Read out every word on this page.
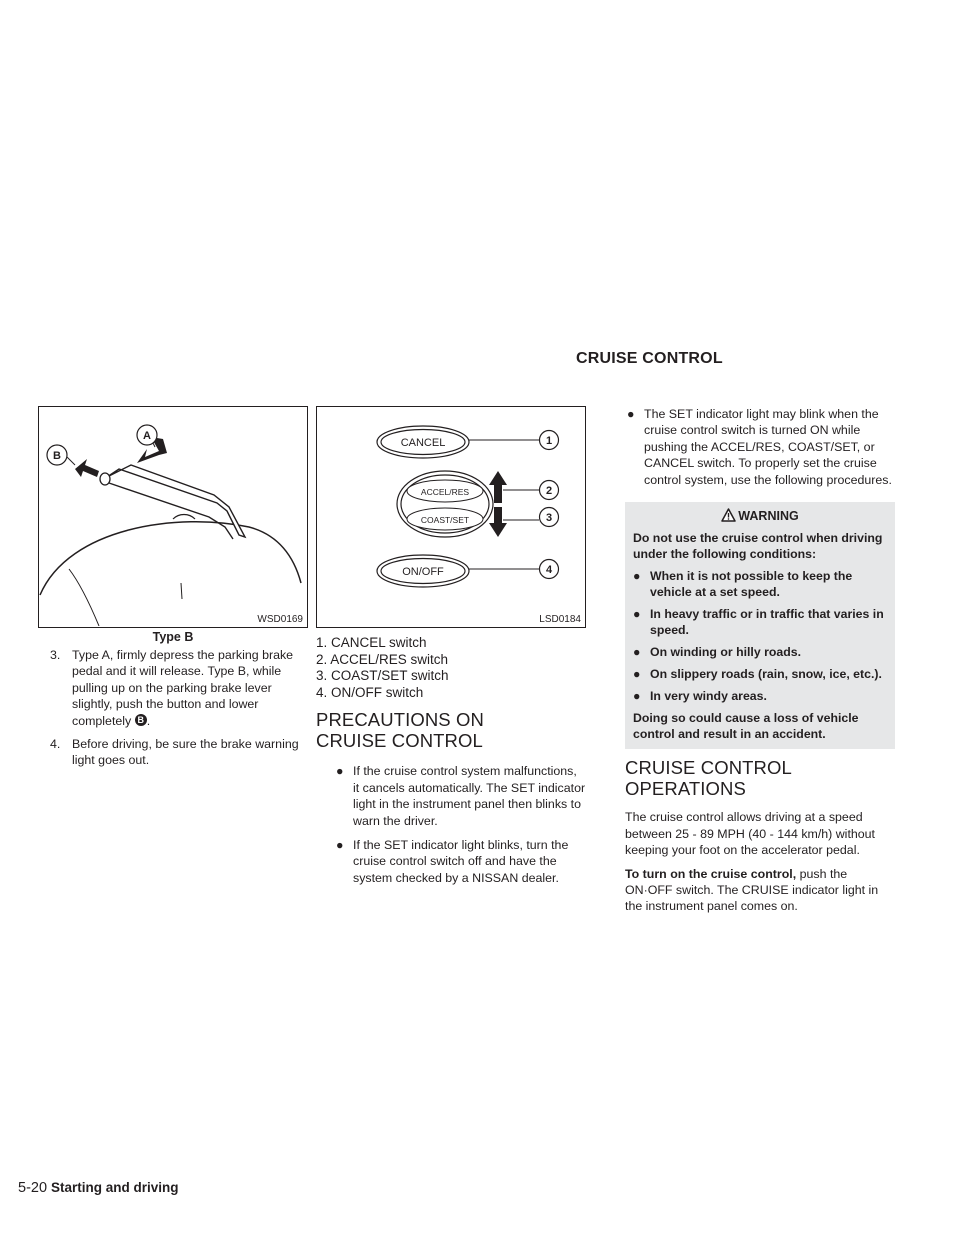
CRUISE CONTROL
B
A
WSD0169
Type B
3. Type A, firmly depress the parking brake pedal and it will release. Type B, while pulling up on the parking brake lever slightly, push the button and lower completely B .
4. Before driving, be sure the brake warning light goes out.
CANCEL
ACCEL/RES
COAST/SET
ON/OFF
1
2
3
4
LSD0184
1. CANCEL switch
2. ACCEL/RES switch
3. COAST/SET switch
4. ON/OFF switch
PRECAUTIONS ON CRUISE CONTROL
● If the cruise control system malfunctions, it cancels automatically. The SET indicator light in the instrument panel then blinks to warn the driver.
● If the SET indicator light blinks, turn the cruise control switch off and have the system checked by a NISSAN dealer.
● The SET indicator light may blink when the cruise control switch is turned ON while pushing the ACCEL/RES, COAST/SET, or CANCEL switch. To properly set the cruise control system, use the following procedures.
WARNING

Do not use the cruise control when driving under the following conditions:

● When it is not possible to keep the vehicle at a set speed.
● In heavy traffic or in traffic that varies in speed.
● On winding or hilly roads.
● On slippery roads (rain, snow, ice, etc.).
● In very windy areas.

Doing so could cause a loss of vehicle control and result in an accident.

CRUISE CONTROL OPERATIONS

The cruise control allows driving at a speed between 25 - 89 MPH (40 - 144 km/h) without keeping your foot on the accelerator pedal.

To turn on the cruise control, push the ON·OFF switch. The CRUISE indicator light in the instrument panel comes on.

5-20 Starting and driving
